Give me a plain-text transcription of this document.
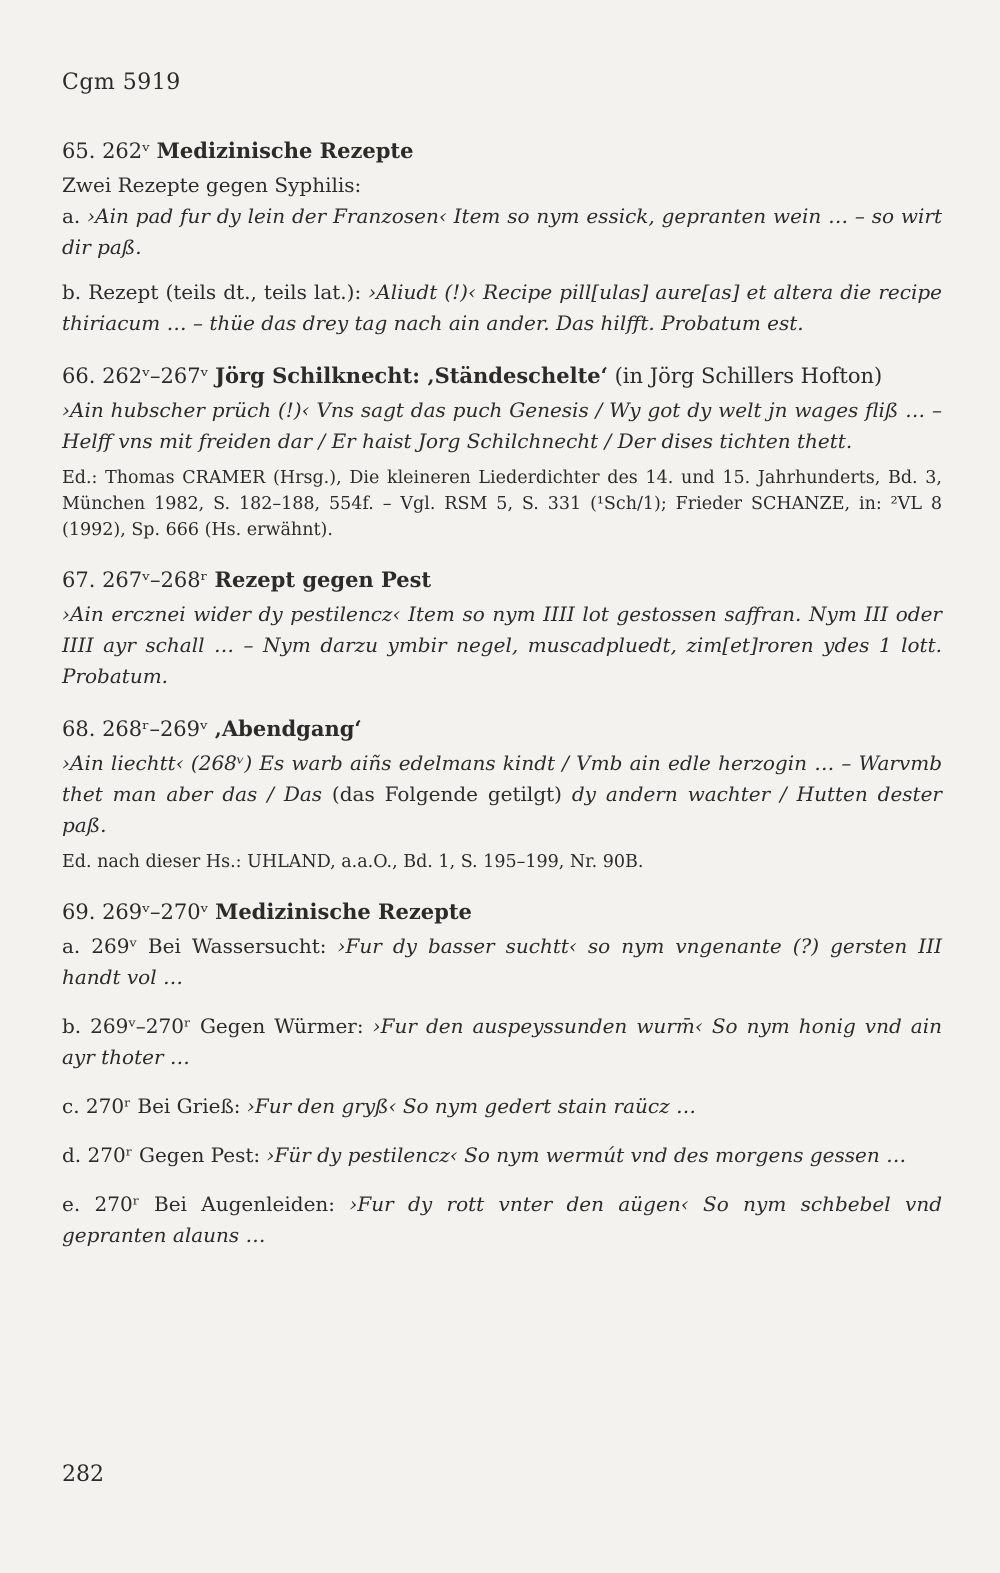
Cgm 5919
65. 262ᵛ Medizinische Rezepte
Zwei Rezepte gegen Syphilis:
a. ›Ain pad fur dy lein der Franzosen‹ Item so nym essick, gepranten wein … – so wirt dir paß.
b. Rezept (teils dt., teils lat.): ›Aliudt (!)‹ Recipe pill[ulas] aure[as] et altera die recipe thiriacum … – thüe das drey tag nach ain ander. Das hilfft. Probatum est.
66. 262ᵛ–267ᵛ Jörg Schilknecht: ‚Ständeschelte‘ (in Jörg Schillers Hofton)
›Ain hubscher prüch (!)‹ Vns sagt das puch Genesis / Wy got dy welt jn wages fliß … – Helff vns mit freiden dar / Er haist Jorg Schilchnecht / Der dises tichten thett.
Ed.: Thomas CRAMER (Hrsg.), Die kleineren Liederdichter des 14. und 15. Jahrhunderts, Bd. 3, München 1982, S. 182–188, 554f. – Vgl. RSM 5, S. 331 (¹Sch/1); Frieder SCHANZE, in: ²VL 8 (1992), Sp. 666 (Hs. erwähnt).
67. 267ᵛ–268ʳ Rezept gegen Pest
›Ain ercznei wider dy pestilencz‹ Item so nym IIII lot gestossen saffran. Nym III oder IIII ayr schall … – Nym darzu ymbir negel, muscadpluedt, zim[et]roren ydes 1 lott. Probatum.
68. 268ʳ–269ᵛ ‚Abendgang‘
›Ain liechtt‹ (268ᵛ) Es warb aiñs edelmans kindt / Vmb ain edle herzogin … – Warvmb thet man aber das / Das (das Folgende getilgt) dy andern wachter / Hutten dester paß.
Ed. nach dieser Hs.: UHLAND, a.a.O., Bd. 1, S. 195–199, Nr. 90B.
69. 269ᵛ–270ᵛ Medizinische Rezepte
a. 269ᵛ Bei Wassersucht: ›Fur dy basser suchtt‹ so nym vngenante (?) gersten III handt vol …
b. 269ᵛ–270ʳ Gegen Würmer: ›Fur den auspeyssunden wurm̄‹ So nym honig vnd ain ayr thoter …
c. 270ʳ Bei Grieß: ›Fur den gryß‹ So nym gedert stain raücz …
d. 270ʳ Gegen Pest: ›Für dy pestilencz‹ So nym wermút vnd des morgens gessen …
e. 270ʳ Bei Augenleiden: ›Fur dy rott vnter den aügen‹ So nym schbebel vnd gepranten alauns …
282
